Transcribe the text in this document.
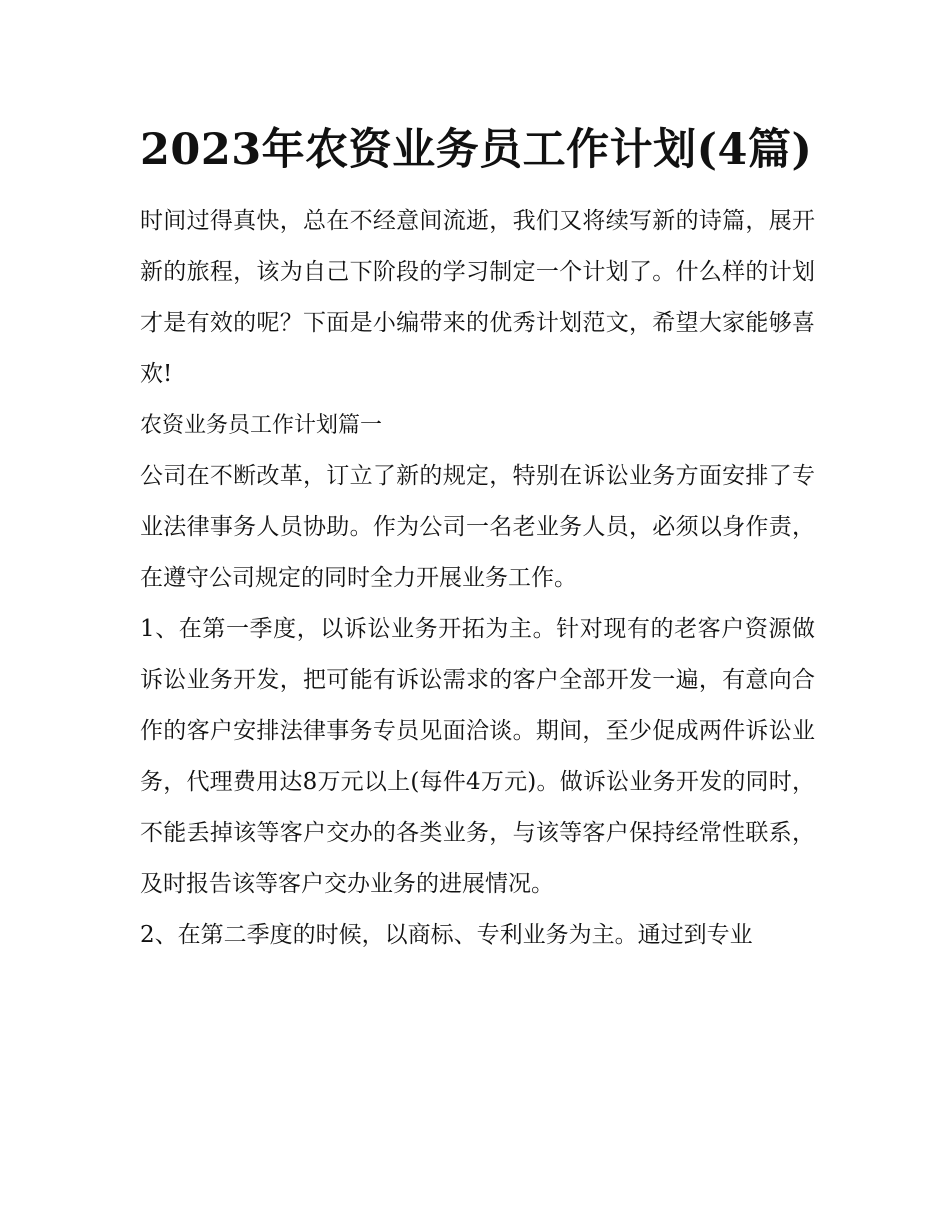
2023年农资业务员工作计划(4篇)

时间过得真快，总在不经意间流逝，我们又将续写新的诗篇，展开新的旅程，该为自己下阶段的学习制定一个计划了。什么样的计划才是有效的呢？下面是小编带来的优秀计划范文，希望大家能够喜欢!

农资业务员工作计划篇一

公司在不断改革，订立了新的规定，特别在诉讼业务方面安排了专业法律事务人员协助。作为公司一名老业务人员，必须以身作责，在遵守公司规定的同时全力开展业务工作。

1、在第一季度，以诉讼业务开拓为主。针对现有的老客户资源做诉讼业务开发，把可能有诉讼需求的客户全部开发一遍，有意向合作的客户安排法律事务专员见面洽谈。期间，至少促成两件诉讼业务，代理费用达8万元以上(每件4万元)。做诉讼业务开发的同时，不能丢掉该等客户交办的各类业务，与该等客户保持经常性联系，及时报告该等客户交办业务的进展情况。

2、在第二季度的时候，以商标、专利业务为主。通过到专业
